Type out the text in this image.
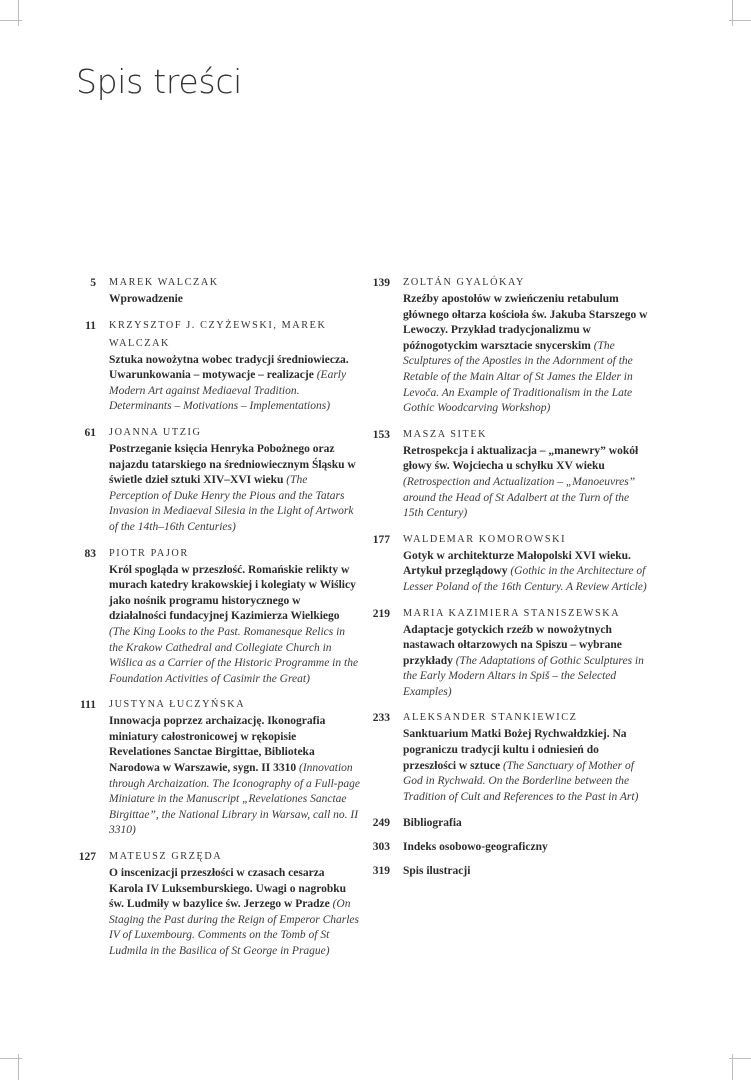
Spis treści
5 MAREK WALCZAK
Wprowadzenie
11 KRZYSZTOF J. CZYŻEWSKI, MAREK WALCZAK
Sztuka nowożytna wobec tradycji średniowiecza. Uwarunkowania – motywacje – realizacje (Early Modern Art against Mediaeval Tradition. Determinants – Motivations – Implementations)
61 JOANNA UTZIG
Postrzeganie księcia Henryka Pobożnego oraz najazdu tatarskiego na średniowiecznym Śląsku w świetle dzieł sztuki XIV–XVI wieku (The Perception of Duke Henry the Pious and the Tatars Invasion in Mediaeval Silesia in the Light of Artwork of the 14th–16th Centuries)
83 PIOTR PAJOR
Król spogląda w przeszłość. Romańskie relikty w murach katedry krakowskiej i kolegiaty w Wiślicy jako nośnik programu historycznego w działalności fundacyjnej Kazimierza Wielkiego (The King Looks to the Past. Romanesque Relics in the Krakow Cathedral and Collegiate Church in Wiślica as a Carrier of the Historic Programme in the Foundation Activities of Casimir the Great)
111 JUSTYNA ŁUCZYŃSKA
Innowacja poprzez archaizację. Ikonografia miniatury całostronicowej w rękopisie Revelationes Sanctae Birgittae, Biblioteka Narodowa w Warszawie, sygn. II 3310 (Innovation through Archaization. The Iconography of a Full-page Miniature in the Manuscript „Revelationes Sanctae Birgittae”, the National Library in Warsaw, call no. II 3310)
127 MATEUSZ GRZĘDA
O inscenizacji przeszłości w czasach cesarza Karola IV Luksemburskiego. Uwagi o nagrobku św. Ludmiły w bazylice św. Jerzego w Pradze (On Staging the Past during the Reign of Emperor Charles IV of Luxembourg. Comments on the Tomb of St Ludmila in the Basilica of St George in Prague)
139 ZOLTÁN GYALÓKAY
Rzeźby apostołów w zwieńczeniu retabulum głównego ołtarza kościoła św. Jakuba Starszego w Lewoczy. Przykład tradycjonalizmu w późnogotyckim warsztacie snycerskim (The Sculptures of the Apostles in the Adornment of the Retable of the Main Altar of St James the Elder in Levoča. An Example of Traditionalism in the Late Gothic Woodcarving Workshop)
153 MASZA SITEK
Retrospekcja i aktualizacja – „manewry” wokół głowy św. Wojciecha u schyłku XV wieku (Retrospection and Actualization – „Manoeuvres” around the Head of St Adalbert at the Turn of the 15th Century)
177 WALDEMAR KOMOROWSKI
Gotyk w architekturze Małopolski XVI wieku. Artykuł przeglądowy (Gothic in the Architecture of Lesser Poland of the 16th Century. A Review Article)
219 MARIA KAZIMIERA STANISZEWSKA
Adaptacje gotyckich rzeźb w nowożytnych nastawach ołtarzowych na Spiszu – wybrane przykłady (The Adaptations of Gothic Sculptures in the Early Modern Altars in Spiš – the Selected Examples)
233 ALEKSANDER STANKIEWICZ
Sanktuarium Matki Bożej Rychwałdzkiej. Na pograniczu tradycji kultu i odniesień do przeszłości w sztuce (The Sanctuary of Mother of God in Rychwałd. On the Borderline between the Tradition of Cult and References to the Past in Art)
249 Bibliografia
303 Indeks osobowo-geograficzny
319 Spis ilustracji
